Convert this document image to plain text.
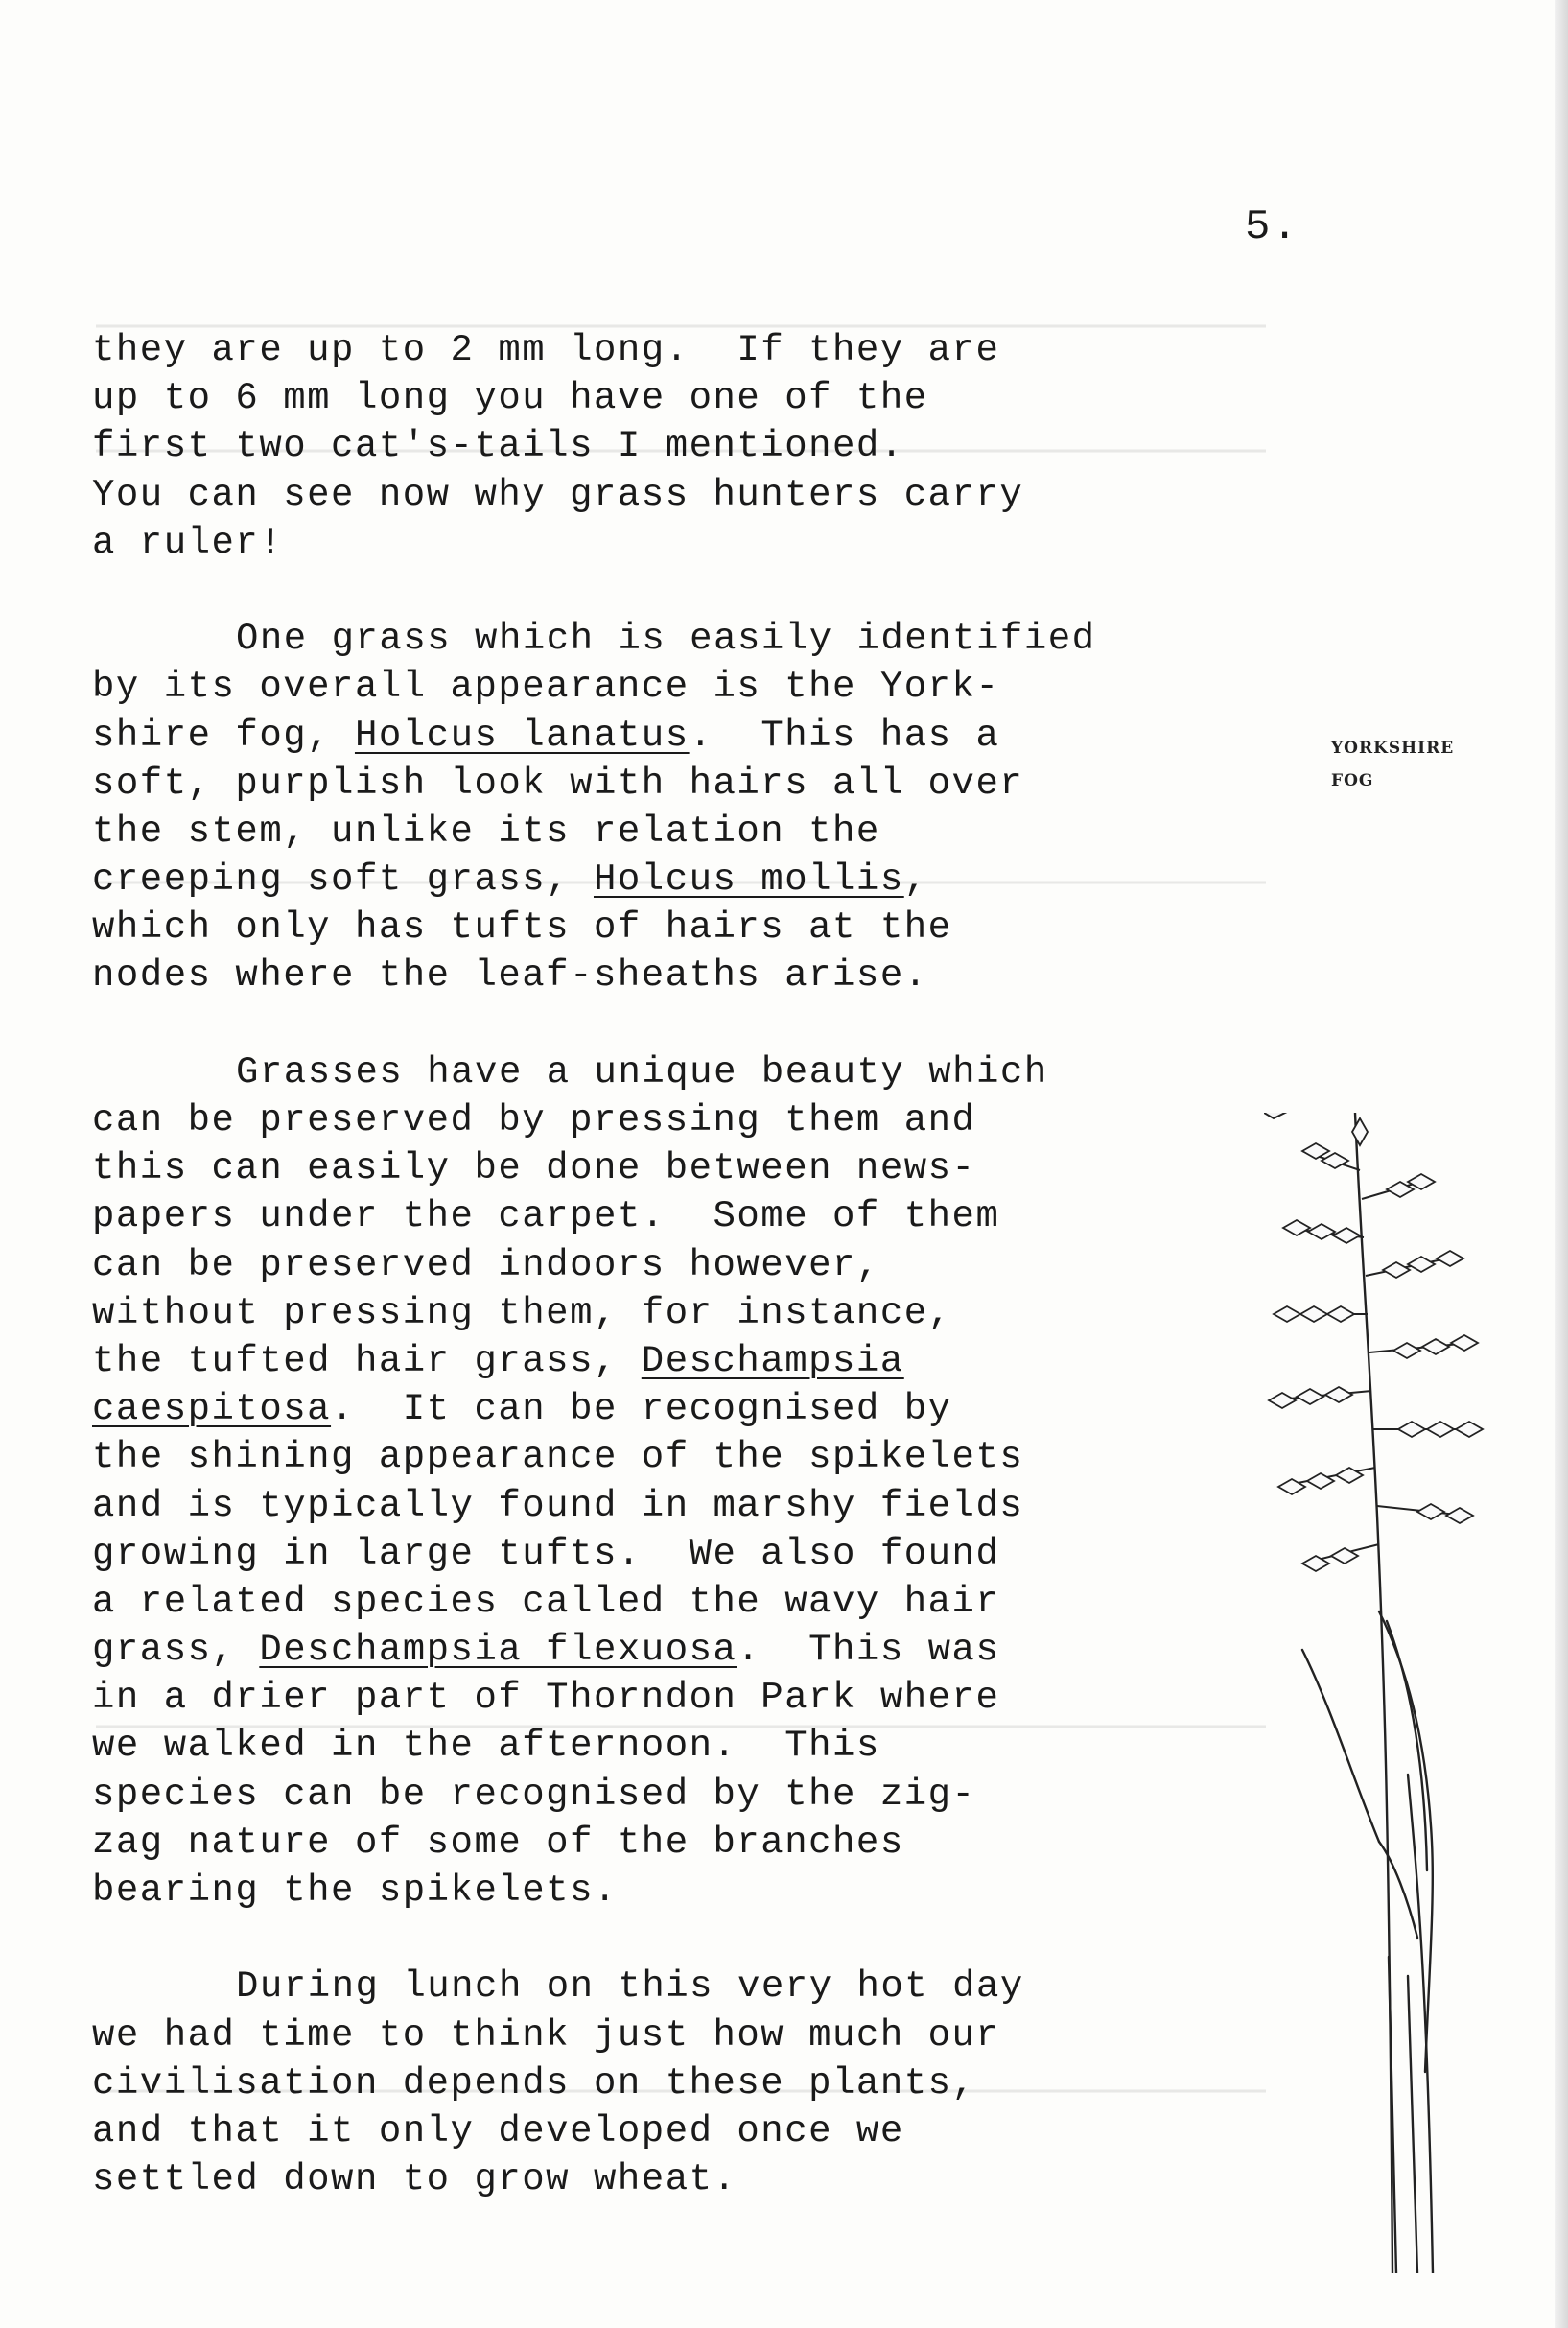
5.

they are up to 2 mm long.  If they are
up to 6 mm long you have one of the
first two cat's-tails I mentioned.
You can see now why grass hunters carry
a ruler!

One grass which is easily identified
by its overall appearance is the York-
shire fog, Holcus lanatus.  This has a
soft, purplish look with hairs all over
the stem, unlike its relation the
creeping soft grass, Holcus mollis,
which only has tufts of hairs at the
nodes where the leaf-sheaths arise.

Grasses have a unique beauty which
can be preserved by pressing them and
this can easily be done between news-
papers under the carpet.  Some of them
can be preserved indoors however,
without pressing them, for instance,
the tufted hair grass, Deschampsia
caespitosa.  It can be recognised by
the shining appearance of the spikelets
and is typically found in marshy fields
growing in large tufts.  We also found
a related species called the wavy hair
grass, Deschampsia flexuosa.  This was
in a drier part of Thorndon Park where
we walked in the afternoon.  This
species can be recognised by the zig-
zag nature of some of the branches
bearing the spikelets.

During lunch on this very hot day
we had time to think just how much our
civilisation depends on these plants,
and that it only developed once we
settled down to grow wheat.

YORKSHIRE
FOG
